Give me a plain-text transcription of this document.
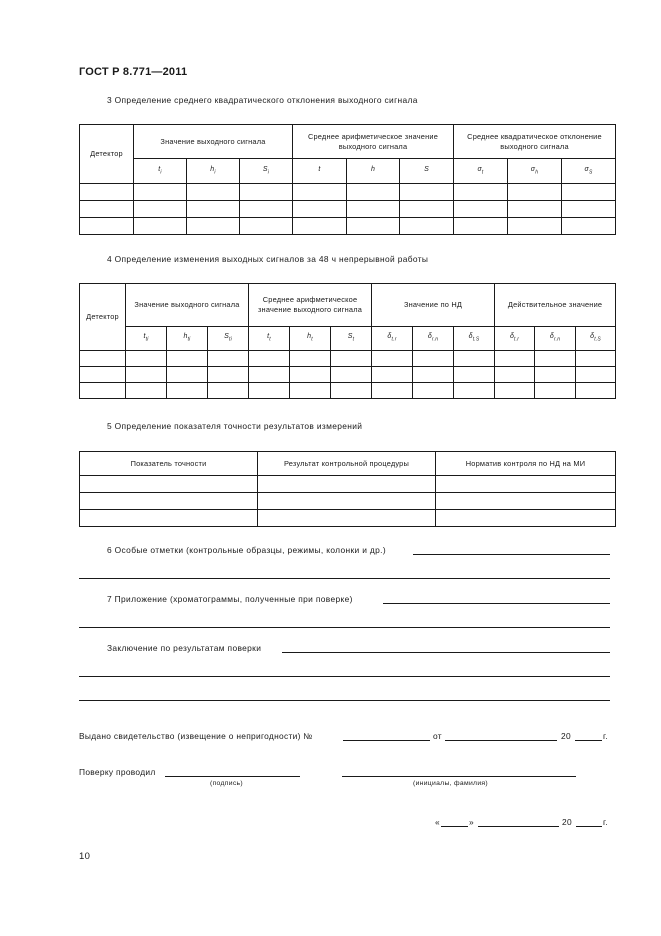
ГОСТ Р 8.771—2011
3 Определение среднего квадратического отклонения выходного сигнала
Детектор	Значение выходного сигнала			Среднее арифметическое значение выходного сигнала			Среднее квадратическое отклонение выходного сигнала		
	$t_i$	$h_i$	$S_i$	t	h	S	$\sigma_t$	$\sigma_h$	$\sigma_S$

4 Определение изменения выходных сигналов за 48 ч непрерывной работы
Детектор	Значение выходного сигнала			Среднее арифметическое значение выходного сигнала			Значение по НД			Действительное значение		
	$t_{ti}$	$h_{ti}$	$S_{ti}$	$t_t$	$h_t$	$S_t$	$\delta_{t.r}$	$\delta_{r.n}$	$\delta_{t.S}$	$\delta_{t.r}$	$\delta_{r.n}$	$\delta_{t.S}$

5 Определение показателя точности результатов измерений
Показатель точности	Результат контрольной процедуры	Норматив контроля по НД на МИ

6 Особые отметки (контрольные образцы, режимы, колонки и др.)
7 Приложение (хроматограммы, полученные при поверке)
Заключение по результатам поверки
Выдано свидетельство (извещение о непригодности) №	от	20	г.
Поверку проводил
(подпись)	(инициалы, фамилия)
«	»	20	г.
10
